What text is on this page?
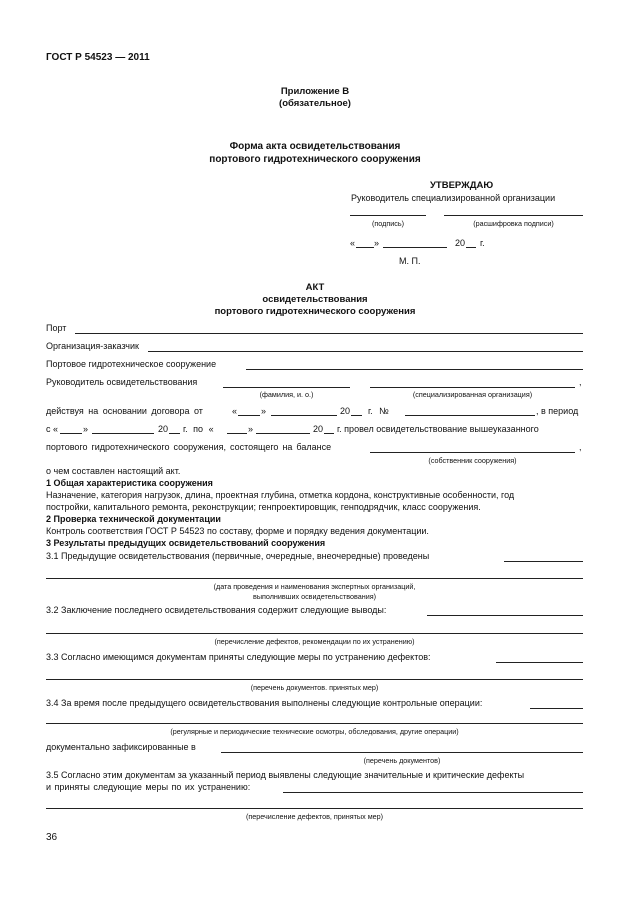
ГОСТ Р 54523 — 2011
Приложение В
(обязательное)
Форма акта освидетельствования
портового гидротехнического сооружения
УТВЕРЖДАЮ
Руководитель специализированной организации
(подпись)	(расшифровка подписи)
« »	20 г.
М. П.
АКТ
освидетельствования
портового гидротехнического сооружения
Порт
Организация-заказчик
Портовое гидротехническое сооружение
Руководитель освидетельствования	,
(фамилия, и. о.)	(специализированная организация)
действуя на основании договора от	«	»	20 г. №	, в период
с «	»	20 г. по «	»	20 г. провел освидетельствование вышеуказанного
портового гидротехнического сооружения, состоящего на балансе	,
(собственник сооружения)
о чем составлен настоящий акт.
1 Общая характеристика сооружения
Назначение, категория нагрузок, длина, проектная глубина, отметка кордона, конструктивные особенности, год
постройки, капитального ремонта, реконструкции; генпроектировщик, генподрядчик, класс сооружения.
2 Проверка технической документации
Контроль соответствия ГОСТ Р 54523 по составу, форме и порядку ведения документации.
3 Результаты предыдущих освидетельствований сооружения
3.1 Предыдущие освидетельствования (первичные, очередные, внеочередные) проведены
(дата проведения и наименования экспертных организаций,
выполнивших освидетельствования)
3.2 Заключение последнего освидетельствования содержит следующие выводы:
(перечисление дефектов, рекомендации по их устранению)
3.3 Согласно имеющимся документам приняты следующие меры по устранению дефектов:
(перечень документов. принятых мер)
3.4 За время после предыдущего освидетельствования выполнены следующие контрольные операции:
(регулярные и периодические технические осмотры, обследования, другие операции)
документально зафиксированные в
(перечень документов)
3.5 Согласно этим документам за указанный период выявлены следующие значительные и критические дефекты
и приняты следующие меры по их устранению:
(перечисление дефектов, принятых мер)
36
